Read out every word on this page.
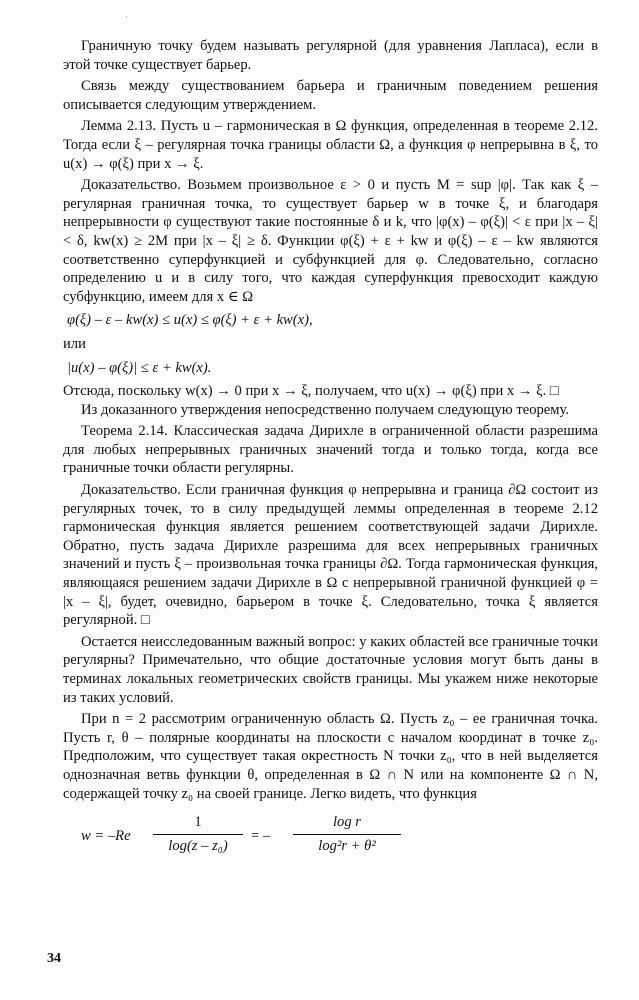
·

Граничную точку будем называть регулярной (для уравнения Лапласа), если в этой точке существует барьер.

Связь между существованием барьера и граничным поведением решения описывается следующим утверждением.

Лемма 2.13. Пусть u – гармоническая в Ω функция, определенная в теореме 2.12. Тогда если ξ – регулярная точка границы области Ω, а функция φ непрерывна в ξ, то u(x) → φ(ξ) при x → ξ.

Доказательство. Возьмем произвольное ε > 0 и пусть M = sup |φ|. Так как ξ – регулярная граничная точка, то существует барьер w в точке ξ, и благодаря непрерывности φ существуют такие постоянные δ и k, что |φ(x) – φ(ξ)| < ε при |x – ξ| < δ, kw(x) ≥ 2M при |x – ξ| ≥ δ. Функции φ(ξ) + ε + kw и φ(ξ) – ε – kw являются соответственно суперфункцией и субфункцией для φ. Следовательно, согласно определению u и в силу того, что каждая суперфункция превосходит каждую субфункцию, имеем для x ∈ Ω

φ(ξ) – ε – kw(x) ≤ u(x) ≤ φ(ξ) + ε + kw(x),

или

|u(x) – φ(ξ)| ≤ ε + kw(x).

Отсюда, поскольку w(x) → 0 при x → ξ, получаем, что u(x) → φ(ξ) при x → ξ. □

Из доказанного утверждения непосредственно получаем следующую теорему.

Теорема 2.14. Классическая задача Дирихле в ограниченной области разрешима для любых непрерывных граничных значений тогда и только тогда, когда все граничные точки области регулярны.

Доказательство. Если граничная функция φ непрерывна и граница ∂Ω состоит из регулярных точек, то в силу предыдущей леммы определенная в теореме 2.12 гармоническая функция является решением соответствующей задачи Дирихле. Обратно, пусть задача Дирихле разрешима для всех непрерывных граничных значений и пусть ξ – произвольная точка границы ∂Ω. Тогда гармоническая функция, являющаяся решением задачи Дирихле в Ω с непрерывной граничной функцией φ = |x – ξ|, будет, очевидно, барьером в точке ξ. Следовательно, точка ξ является регулярной. □

Остается неисследованным важный вопрос: у каких областей все граничные точки регулярны? Примечательно, что общие достаточные условия могут быть даны в терминах локальных геометрических свойств границы. Мы укажем ниже некоторые из таких условий.

При n = 2 рассмотрим ограниченную область Ω. Пусть z₀ – ее граничная точка. Пусть r, θ – полярные координаты на плоскости с началом координат в точке z₀. Предположим, что существует такая окрестность N точки z₀, что в ней выделяется однозначная ветвь функции θ, определенная в Ω ∩ N или на компоненте Ω ∩ N, содержащей точку z₀ на своей границе. Легко видеть, что функция

w = –Re
1
log(z – z₀)
= –
log r
log²r + θ²
34
